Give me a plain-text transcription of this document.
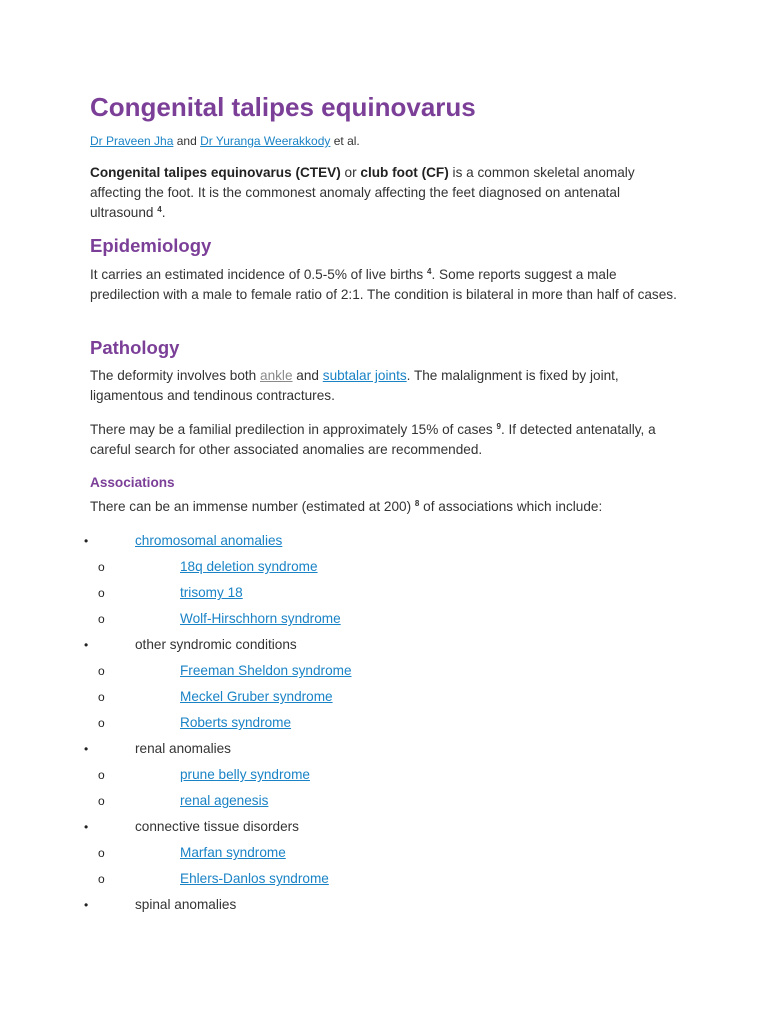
Congenital talipes equinovarus
Dr Praveen Jha and Dr Yuranga Weerakkody et al.

Congenital talipes equinovarus (CTEV) or club foot (CF) is a common skeletal anomaly affecting the foot. It is the commonest anomaly affecting the feet diagnosed on antenatal ultrasound $^4$.

Epidemiology

It carries an estimated incidence of 0.5-5% of live births $^4$. Some reports suggest a male predilection with a male to female ratio of 2:1. The condition is bilateral in more than half of cases.

Pathology

The deformity involves both ankle and subtalar joints. The malalignment is fixed by joint, ligamentous and tendinous contractures.

There may be a familial predilection in approximately 15% of cases $^9$. If detected antenatally, a careful search for other associated anomalies are recommended.

Associations

There can be an immense number (estimated at 200) $^8$ of associations which include:

•	chromosomal anomalies
o	18q deletion syndrome
o	trisomy 18
o	Wolf-Hirschhorn syndrome
•	other syndromic conditions
o	Freeman Sheldon syndrome
o	Meckel Gruber syndrome
o	Roberts syndrome
•	renal anomalies
o	prune belly syndrome
o	renal agenesis
•	connective tissue disorders
o	Marfan syndrome
o	Ehlers-Danlos syndrome
•	spinal anomalies
